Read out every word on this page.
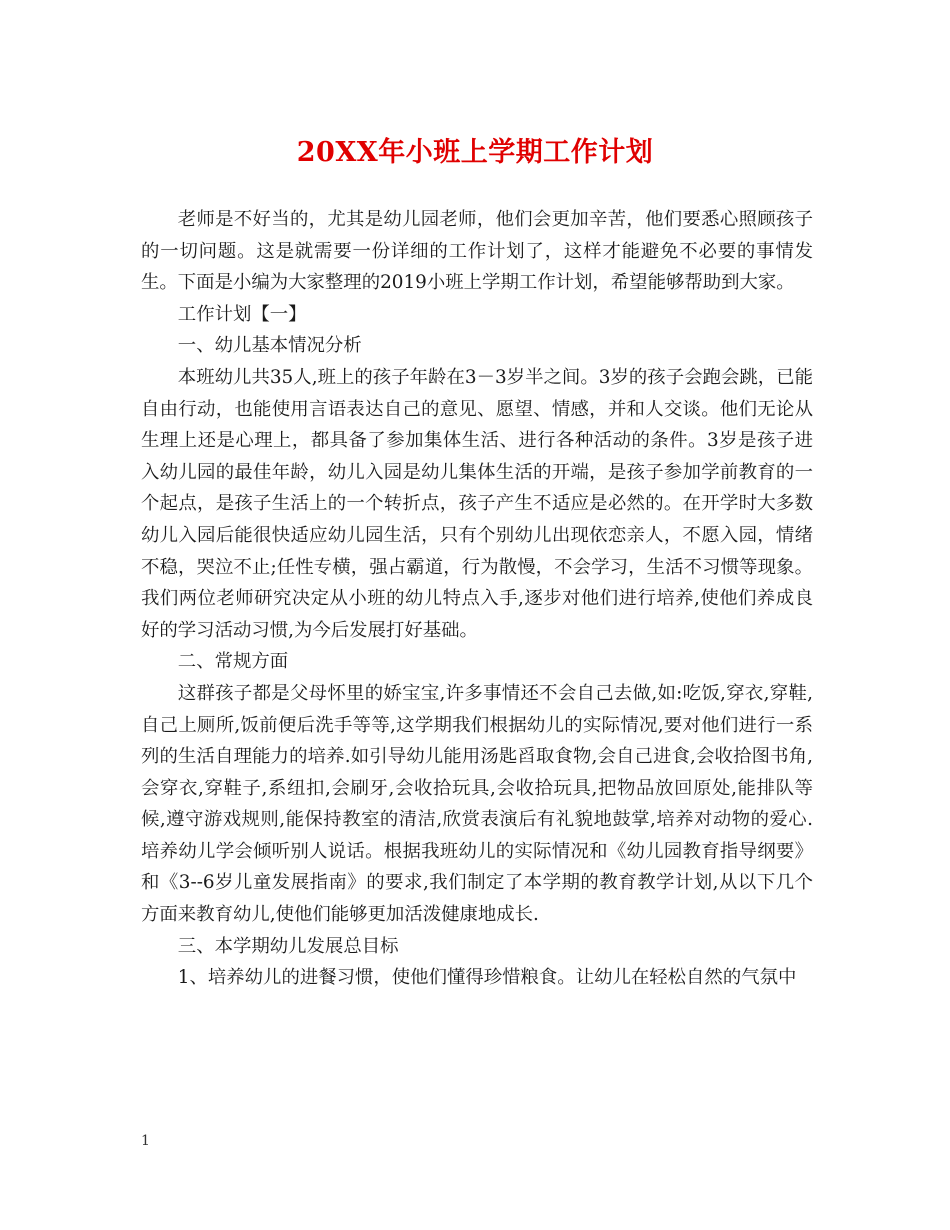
20XX年小班上学期工作计划

老师是不好当的，尤其是幼儿园老师，他们会更加辛苦，他们要悉心照顾孩子的一切问题。这是就需要一份详细的工作计划了，这样才能避免不必要的事情发生。下面是小编为大家整理的2019小班上学期工作计划，希望能够帮助到大家。

工作计划【一】

一、幼儿基本情况分析

本班幼儿共35人,班上的孩子年龄在3－3岁半之间。3岁的孩子会跑会跳，已能自由行动，也能使用言语表达自己的意见、愿望、情感，并和人交谈。他们无论从生理上还是心理上，都具备了参加集体生活、进行各种活动的条件。3岁是孩子进入幼儿园的最佳年龄，幼儿入园是幼儿集体生活的开端，是孩子参加学前教育的一个起点，是孩子生活上的一个转折点，孩子产生不适应是必然的。在开学时大多数幼儿入园后能很快适应幼儿园生活，只有个别幼儿出现依恋亲人，不愿入园，情绪不稳，哭泣不止;任性专横，强占霸道，行为散慢，不会学习，生活不习惯等现象。我们两位老师研究决定从小班的幼儿特点入手,逐步对他们进行培养,使他们养成良好的学习活动习惯,为今后发展打好基础。

二、常规方面

这群孩子都是父母怀里的娇宝宝,许多事情还不会自己去做,如:吃饭,穿衣,穿鞋,自己上厕所,饭前便后洗手等等,这学期我们根据幼儿的实际情况,要对他们进行一系列的生活自理能力的培养.如引导幼儿能用汤匙舀取食物,会自己进食,会收拾图书角,会穿衣,穿鞋子,系纽扣,会刷牙,会收拾玩具,会收拾玩具,把物品放回原处,能排队等候,遵守游戏规则,能保持教室的清洁,欣赏表演后有礼貌地鼓掌,培养对动物的爱心.培养幼儿学会倾听别人说话。根据我班幼儿的实际情况和《幼儿园教育指导纲要》和《3--6岁儿童发展指南》的要求,我们制定了本学期的教育教学计划,从以下几个方面来教育幼儿,使他们能够更加活泼健康地成长.

三、本学期幼儿发展总目标

1、培养幼儿的进餐习惯，使他们懂得珍惜粮食。让幼儿在轻松自然的气氛中

1
